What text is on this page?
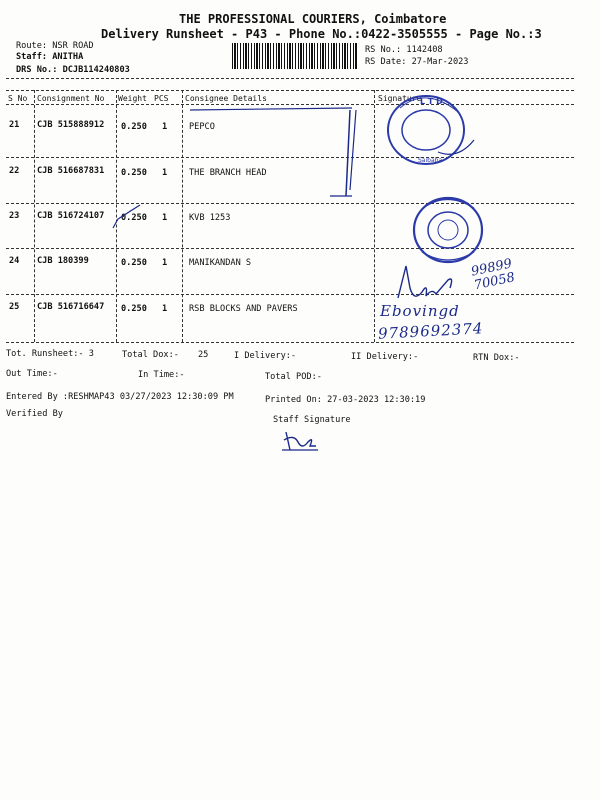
THE PROFESSIONAL COURIERS, Coimbatore
Delivery Runsheet - P43 - Phone No.:0422-3505555 - Page No.:3
Route: NSR ROAD
Staff: ANITHA
DRS No.: DCJB114240803
RS No.: 1142408
RS Date: 27-Mar-2023
S No Consignment No Weight PCS Consignee Details	Signature
21 CJB 515888912 0.250 1	PEPCO
22 CJB 516687831 0.250 1	THE BRANCH HEAD
23 CJB 516724107 0.250 1	KVB 1253
24 CJB 180399	0.250 1	MANIKANDAN S
25 CJB 516716647 0.250 1	RSB BLOCKS AND PAVERS
Tot. Runsheet:- 3	Total Dox:- 25	I Delivery:-	II Delivery:-	RTN Dox:-
Out Time:-	In Time:-	Total POD:-
Entered By :RESHMAP43 03/27/2023 12:30:09 PM	Printed On: 27-03-2023 12:30:19
Verified By
Staff Signature
L T D.
Saibaba
99899 70058
Ebovingd
9789692374
